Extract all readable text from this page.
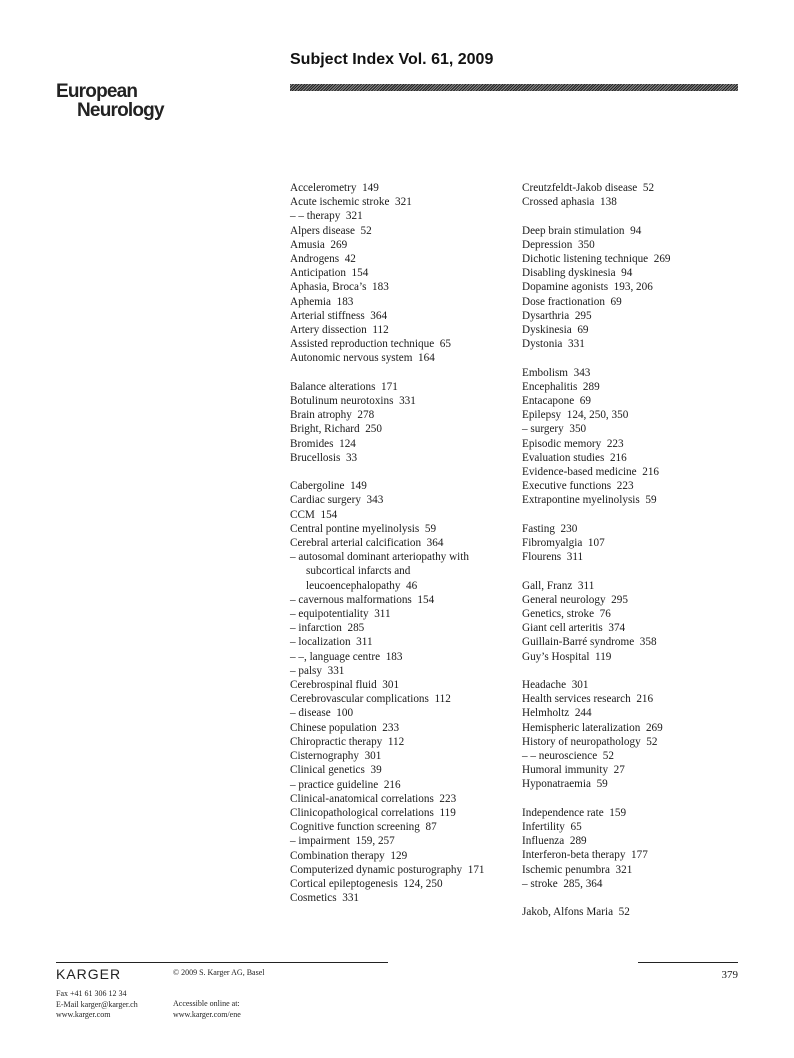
European
Neurology
Subject Index Vol. 61, 2009
Accelerometry 149
Acute ischemic stroke 321
– – therapy 321
Alpers disease 52
Amusia 269
Androgens 42
Anticipation 154
Aphasia, Broca’s 183
Aphemia 183
Arterial stiffness 364
Artery dissection 112
Assisted reproduction technique 65
Autonomic nervous system 164
Balance alterations 171
Botulinum neurotoxins 331
Brain atrophy 278
Bright, Richard 250
Bromides 124
Brucellosis 33
Cabergoline 149
Cardiac surgery 343
CCM 154
Central pontine myelinolysis 59
Cerebral arterial calcification 364
– autosomal dominant arteriopathy with subcortical infarcts and leucoencephalopathy 46
– cavernous malformations 154
– equipotentiality 311
– infarction 285
– localization 311
– –, language centre 183
– palsy 331
Cerebrospinal fluid 301
Cerebrovascular complications 112
– disease 100
Chinese population 233
Chiropractic therapy 112
Cisternography 301
Clinical genetics 39
– practice guideline 216
Clinical-anatomical correlations 223
Clinicopathological correlations 119
Cognitive function screening 87
– impairment 159, 257
Combination therapy 129
Computerized dynamic posturography 171
Cortical epileptogenesis 124, 250
Cosmetics 331
Creutzfeldt-Jakob disease 52
Crossed aphasia 138
Deep brain stimulation 94
Depression 350
Dichotic listening technique 269
Disabling dyskinesia 94
Dopamine agonists 193, 206
Dose fractionation 69
Dysarthria 295
Dyskinesia 69
Dystonia 331
Embolism 343
Encephalitis 289
Entacapone 69
Epilepsy 124, 250, 350
– surgery 350
Episodic memory 223
Evaluation studies 216
Evidence-based medicine 216
Executive functions 223
Extrapontine myelinolysis 59
Fasting 230
Fibromyalgia 107
Flourens 311
Gall, Franz 311
General neurology 295
Genetics, stroke 76
Giant cell arteritis 374
Guillain-Barré syndrome 358
Guy’s Hospital 119
Headache 301
Health services research 216
Helmholtz 244
Hemispheric lateralization 269
History of neuropathology 52
– – neuroscience 52
Humoral immunity 27
Hyponatraemia 59
Independence rate 159
Infertility 65
Influenza 289
Interferon-beta therapy 177
Ischemic penumbra 321
– stroke 285, 364
Jakob, Alfons Maria 52
KARGER	© 2009 S. Karger AG, Basel
Fax +41 61 306 12 34
E-Mail karger@karger.ch
www.karger.com
Accessible online at:
www.karger.com/ene
379
